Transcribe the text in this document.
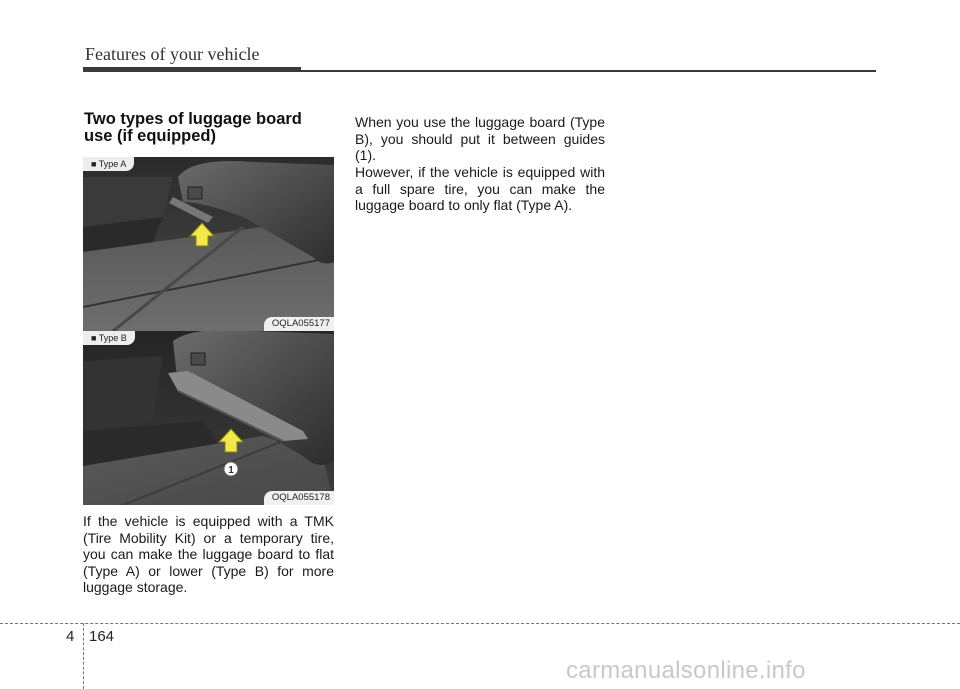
Features of your vehicle
Two types of luggage board
use (if equipped)
■ Type A
OQLA055177
1
■ Type B
OQLA055178

If the vehicle is equipped with a TMK (Tire Mobility Kit) or a temporary tire, you can make the luggage board to flat (Type A) or lower (Type B) for more luggage storage.

When you use the luggage board (Type B), you should put it between guides (1).

However, if the vehicle is equipped with a full spare tire, you can make the luggage board to only flat (Type A).

4 164
carmanualsonline.info
